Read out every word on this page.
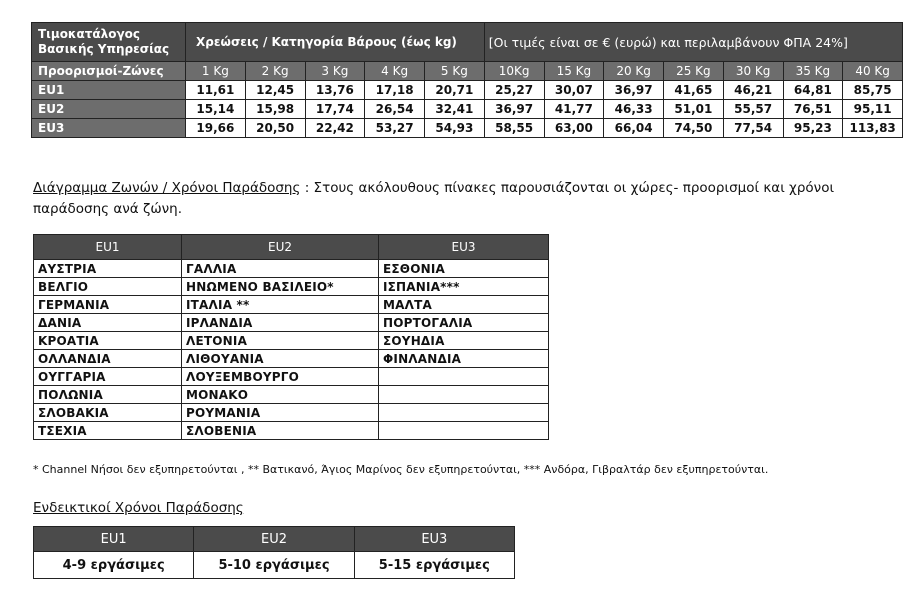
Τιμοκατάλογος
Βασικής Υπηρεσίας	Χρεώσεις / Κατηγορία Βάρους (έως kg)					[Οι τιμές είναι σε € (ευρώ) και περιλαμβάνουν ΦΠΑ 24%]						
Προορισμοί-Ζώνες	1 Kg	2 Kg	3 Kg	4 Kg	5 Kg	10Kg	15 Kg	20 Kg	25 Kg	30 Kg	35 Kg	40 Kg
EU1	11,61	12,45	13,76	17,18	20,71	25,27	30,07	36,97	41,65	46,21	64,81	85,75
EU2	15,14	15,98	17,74	26,54	32,41	36,97	41,77	46,33	51,01	55,57	76,51	95,11
EU3	19,66	20,50	22,42	53,27	54,93	58,55	63,00	66,04	74,50	77,54	95,23	113,83
Διάγραμμα Ζωνών / Χρόνοι Παράδοσης : Στους ακόλουθους πίνακες παρουσιάζονται οι χώρες- προορισμοί και χρόνοι παράδοσης ανά ζώνη.
EU1	EU2	EU3
ΑΥΣΤΡΙΑ	ΓΑΛΛΙΑ	ΕΣΘΟΝΙΑ
ΒΕΛΓΙΟ	ΗΝΩΜΕΝΟ ΒΑΣΙΛΕΙΟ*	ΙΣΠΑΝΙΑ***
ΓΕΡΜΑΝΙΑ	ΙΤΑΛΙΑ **	ΜΑΛΤΑ
ΔΑΝΙΑ	ΙΡΛΑΝΔΙΑ	ΠΟΡΤΟΓΑΛΙΑ
ΚΡΟΑΤΙΑ	ΛΕΤΟΝΙΑ	ΣΟΥΗΔΙΑ
ΟΛΛΑΝΔΙΑ	ΛΙΘΟΥΑΝΙΑ	ΦΙΝΛΑΝΔΙΑ
ΟΥΓΓΑΡΙΑ	ΛΟΥΞΕΜΒΟΥΡΓΟ	
ΠΟΛΩΝΙΑ	ΜΟΝΑΚΟ	
ΣΛΟΒΑΚΙΑ	ΡΟΥΜΑΝΙΑ	
ΤΣΕΧΙΑ	ΣΛΟΒΕΝΙΑ	
* Channel Νήσοι δεν εξυπηρετούνται , ** Βατικανό, Άγιος Μαρίνος δεν εξυπηρετούνται, *** Ανδόρα, Γιβραλτάρ δεν εξυπηρετούνται.
Ενδεικτικοί Χρόνοι Παράδοσης
EU1	EU2	EU3
4-9 εργάσιμες	5-10 εργάσιμες	5-15 εργάσιμες
